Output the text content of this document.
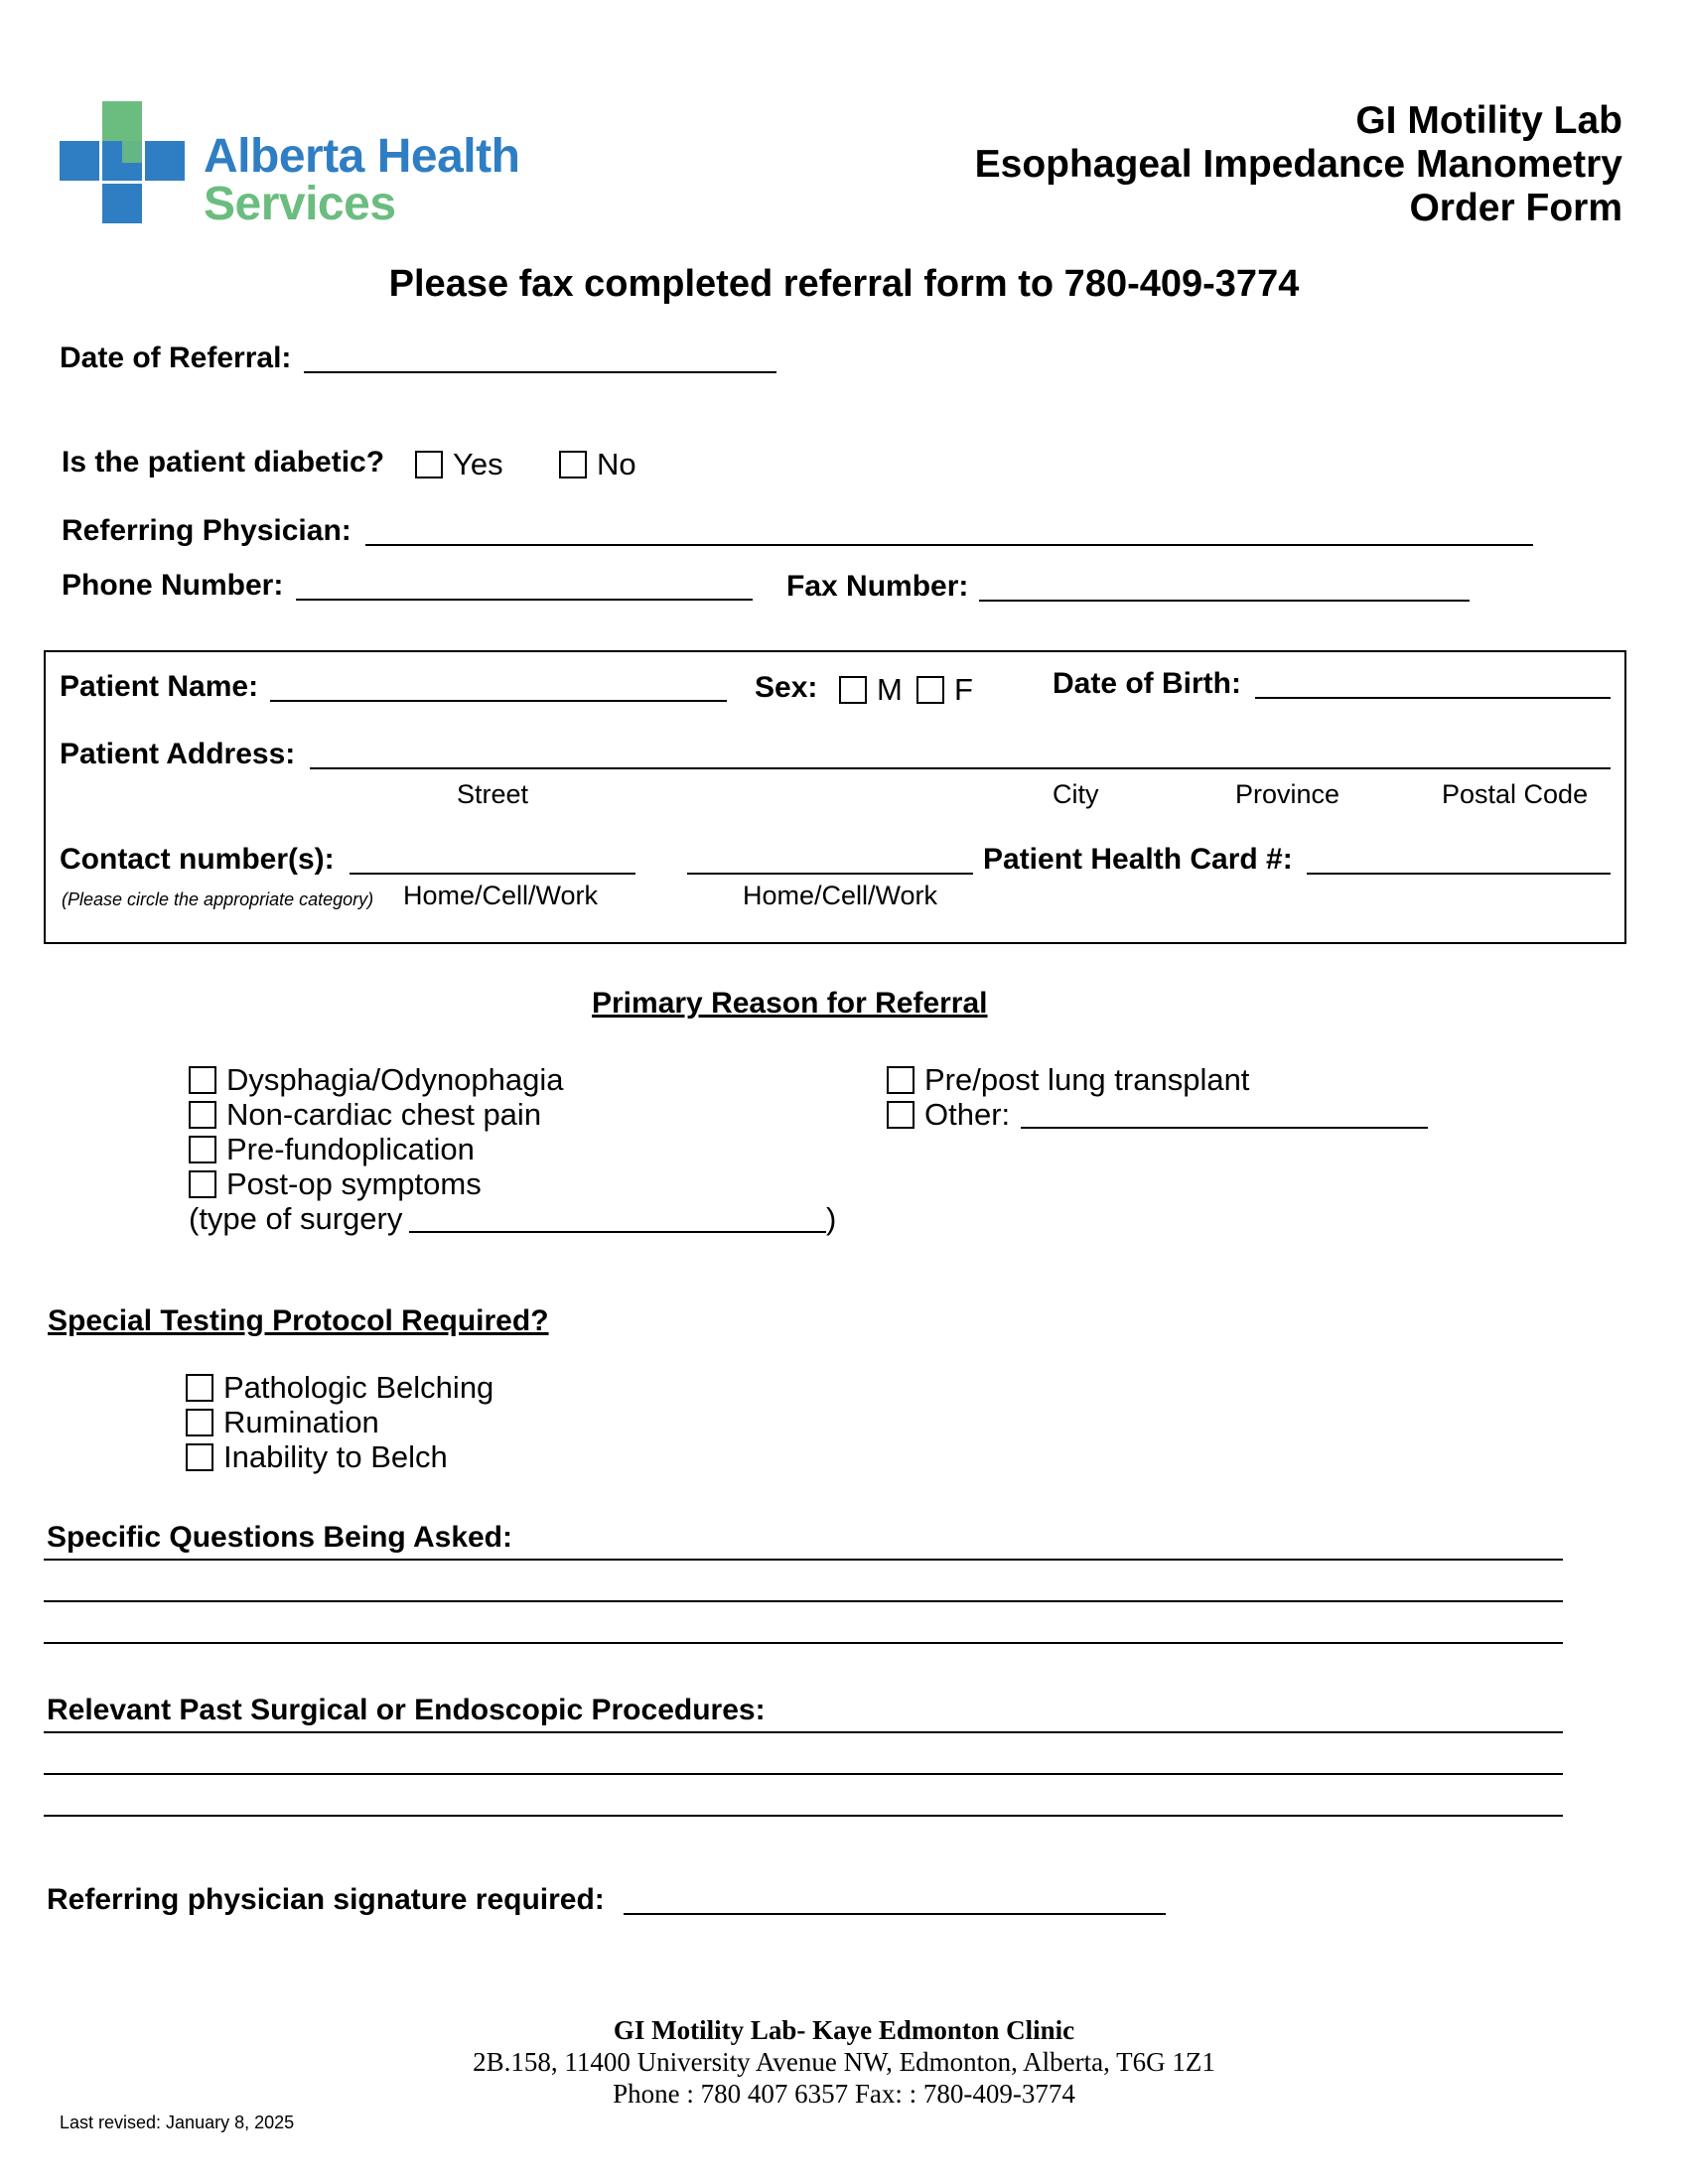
Alberta Health
Services
GI Motility Lab
Esophageal Impedance Manometry
Order Form
Please fax completed referral form to 780-409-3774
Date of Referral:
Is the patient diabetic? Yes	No
Referring Physician:
Phone Number:	Fax Number:
Patient Name:	Sex: M F	Date of Birth:
Patient Address:
Street	City	Province	Postal Code
Contact number(s):	Patient Health Card #:
(Please circle the appropriate category) Home/Cell/Work	Home/Cell/Work
Primary Reason for Referral
Dysphagia/Odynophagia
Non-cardiac chest pain
Pre-fundoplication
Post-op symptoms
(type of surgery	)
Pre/post lung transplant
Other:
Special Testing Protocol Required?
Pathologic Belching
Rumination
Inability to Belch
Specific Questions Being Asked:
Relevant Past Surgical or Endoscopic Procedures:
Referring physician signature required:
GI Motility Lab- Kaye Edmonton Clinic
2B.158, 11400 University Avenue NW, Edmonton, Alberta, T6G 1Z1
Phone : 780 407 6357 Fax: : 780-409-3774
Last revised: January 8, 2025
